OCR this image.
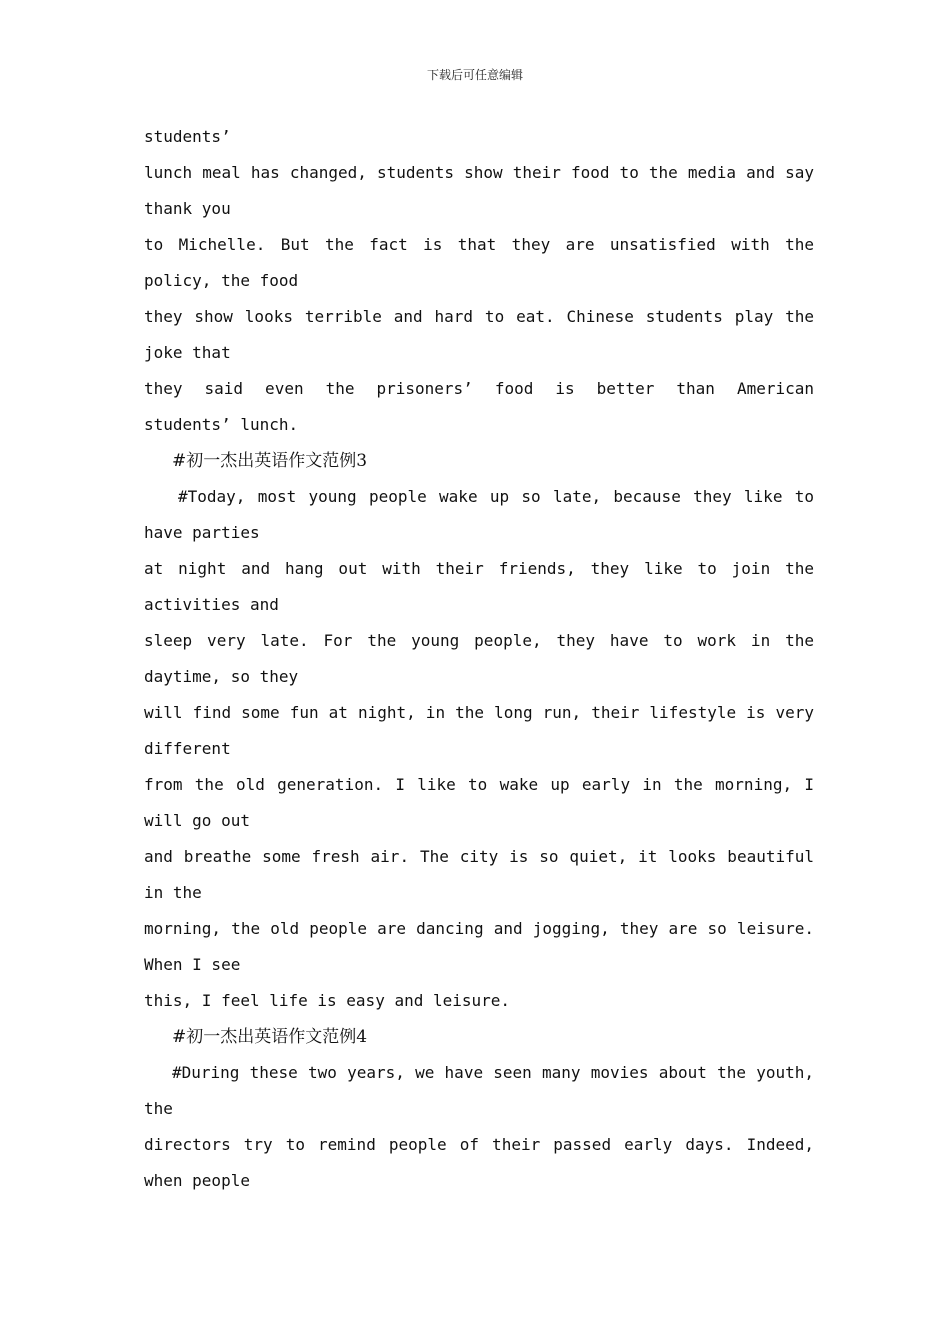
下载后可任意编辑
students’
lunch meal has changed, students show their food to the media and say
thank you
to Michelle. But the fact is that they are unsatisfied with the
policy, the food
they show looks terrible and hard to eat. Chinese students play the
joke that
they said even the prisoners’ food is better than American
students’ lunch.
#初一杰出英语作文范例3
#Today, most young people wake up so late, because they like to
have parties
at night and hang out with their friends, they like to join the
activities and
sleep very late. For the young people, they have to work in the
daytime, so they
will find some fun at night, in the long run, their lifestyle is very
different
from the old generation. I like to wake up early in the morning, I
will go out
and breathe some fresh air. The city is so quiet, it looks beautiful
in the
morning, the old people are dancing and jogging, they are so leisure.
When I see
this, I feel life is easy and leisure.
#初一杰出英语作文范例4
#During these two years, we have seen many movies about the youth,
the
directors try to remind people of their passed early days. Indeed,
when people
